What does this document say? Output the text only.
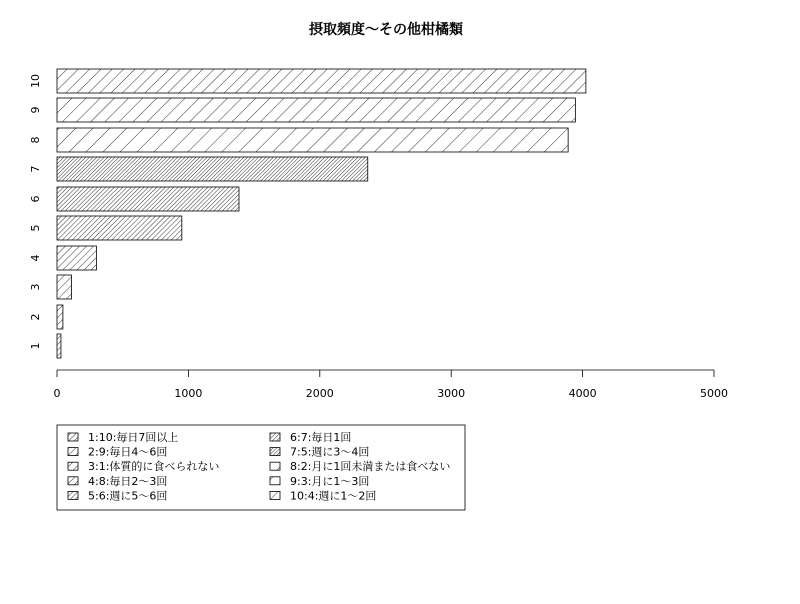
摂取頻度〜その他柑橘類
1
2
3
4
5
6
7
8
9
10
0	1000	2000	3000	4000	5000
1:10:毎日7回以上
2:9:毎日4〜6回
3:1:体質的に食べられない
4:8:毎日2〜3回
5:6:週に5〜6回
6:7:毎日1回
7:5:週に3〜4回
8:2:月に1回未満または食べない
9:3:月に1〜3回
10:4:週に1〜2回
